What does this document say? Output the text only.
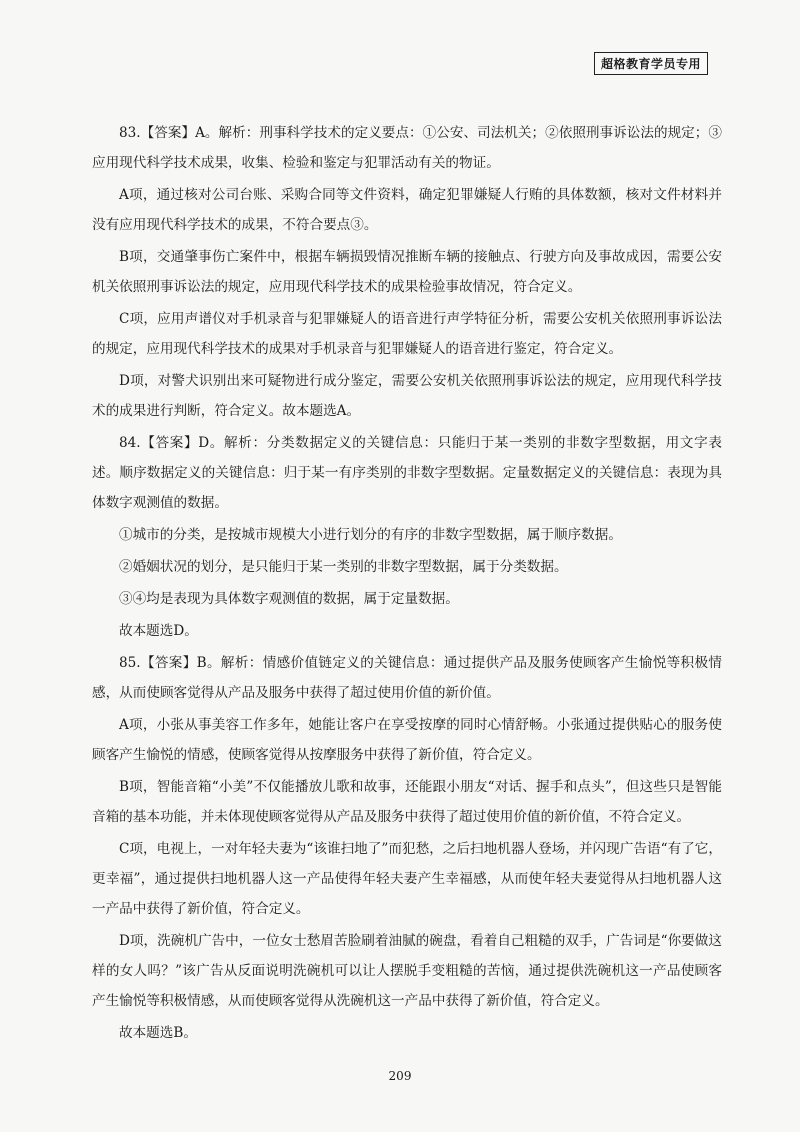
超格教育学员专用

83.【答案】A。解析：刑事科学技术的定义要点：①公安、司法机关；②依照刑事诉讼法的规定；③应用现代科学技术成果，收集、检验和鉴定与犯罪活动有关的物证。

A项，通过核对公司台账、采购合同等文件资料，确定犯罪嫌疑人行贿的具体数额，核对文件材料并没有应用现代科学技术的成果，不符合要点③。

B项，交通肇事伤亡案件中，根据车辆损毁情况推断车辆的接触点、行驶方向及事故成因，需要公安机关依照刑事诉讼法的规定，应用现代科学技术的成果检验事故情况，符合定义。

C项，应用声谱仪对手机录音与犯罪嫌疑人的语音进行声学特征分析，需要公安机关依照刑事诉讼法的规定，应用现代科学技术的成果对手机录音与犯罪嫌疑人的语音进行鉴定，符合定义。

D项，对警犬识别出来可疑物进行成分鉴定，需要公安机关依照刑事诉讼法的规定，应用现代科学技术的成果进行判断，符合定义。故本题选A。

84.【答案】D。解析：分类数据定义的关键信息：只能归于某一类别的非数字型数据，用文字表述。顺序数据定义的关键信息：归于某一有序类别的非数字型数据。定量数据定义的关键信息：表现为具体数字观测值的数据。

①城市的分类，是按城市规模大小进行划分的有序的非数字型数据，属于顺序数据。

②婚姻状况的划分，是只能归于某一类别的非数字型数据，属于分类数据。

③④均是表现为具体数字观测值的数据，属于定量数据。

故本题选D。

85.【答案】B。解析：情感价值链定义的关键信息：通过提供产品及服务使顾客产生愉悦等积极情感，从而使顾客觉得从产品及服务中获得了超过使用价值的新价值。

A项，小张从事美容工作多年，她能让客户在享受按摩的同时心情舒畅。小张通过提供贴心的服务使顾客产生愉悦的情感，使顾客觉得从按摩服务中获得了新价值，符合定义。

B项，智能音箱“小美”不仅能播放儿歌和故事，还能跟小朋友“对话、握手和点头”，但这些只是智能音箱的基本功能，并未体现使顾客觉得从产品及服务中获得了超过使用价值的新价值，不符合定义。

C项，电视上，一对年轻夫妻为“该谁扫地了”而犯愁，之后扫地机器人登场，并闪现广告语“有了它，更幸福”，通过提供扫地机器人这一产品使得年轻夫妻产生幸福感，从而使年轻夫妻觉得从扫地机器人这一产品中获得了新价值，符合定义。

D项，洗碗机广告中，一位女士愁眉苦脸刷着油腻的碗盘，看着自己粗糙的双手，广告词是“你要做这样的女人吗？”该广告从反面说明洗碗机可以让人摆脱手变粗糙的苦恼，通过提供洗碗机这一产品使顾客产生愉悦等积极情感，从而使顾客觉得从洗碗机这一产品中获得了新价值，符合定义。

故本题选B。

209
